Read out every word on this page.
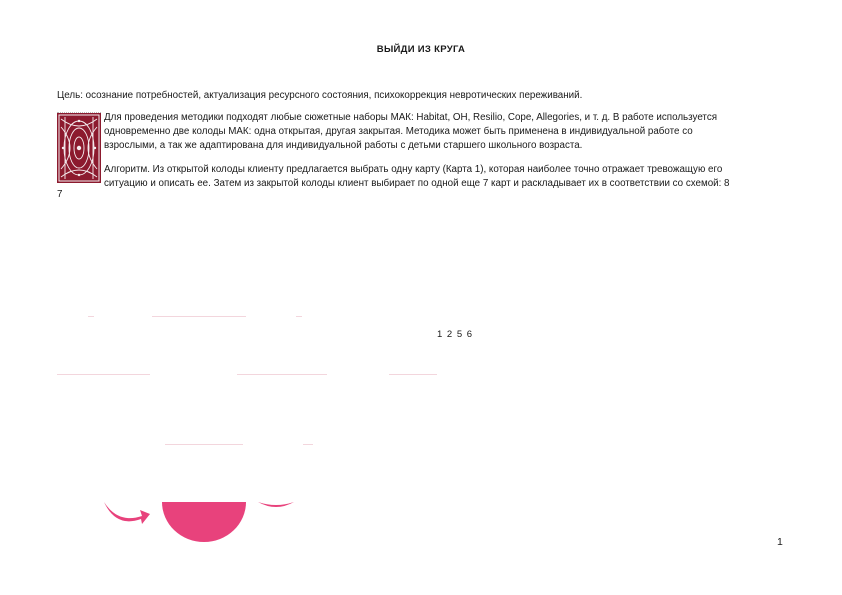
ВЫЙДИ ИЗ КРУГА
Цель: осознание потребностей, актуализация ресурсного состояния, психокоррекция невротических переживаний.
Для проведения методики подходят любые сюжетные наборы МАК: Habitat, OH, Resilio, Cope, Allegories, и т. д. В работе используется
одновременно две колоды МАК: одна открытая, другая закрытая. Методика может быть применена в индивидуальной работе со
взрослыми, а так же адаптирована для индивидуальной работы с детьми старшего школьного возраста.
Алгоритм. Из открытой колоды клиенту предлагается выбрать одну карту (Карта 1), которая наиболее точно отражает тревожащую его
ситуацию и описать ее. Затем из закрытой колоды клиент выбирает по одной еще 7 карт и раскладывает их в соответствии со схемой: 8
7
1 2 5 6
1
